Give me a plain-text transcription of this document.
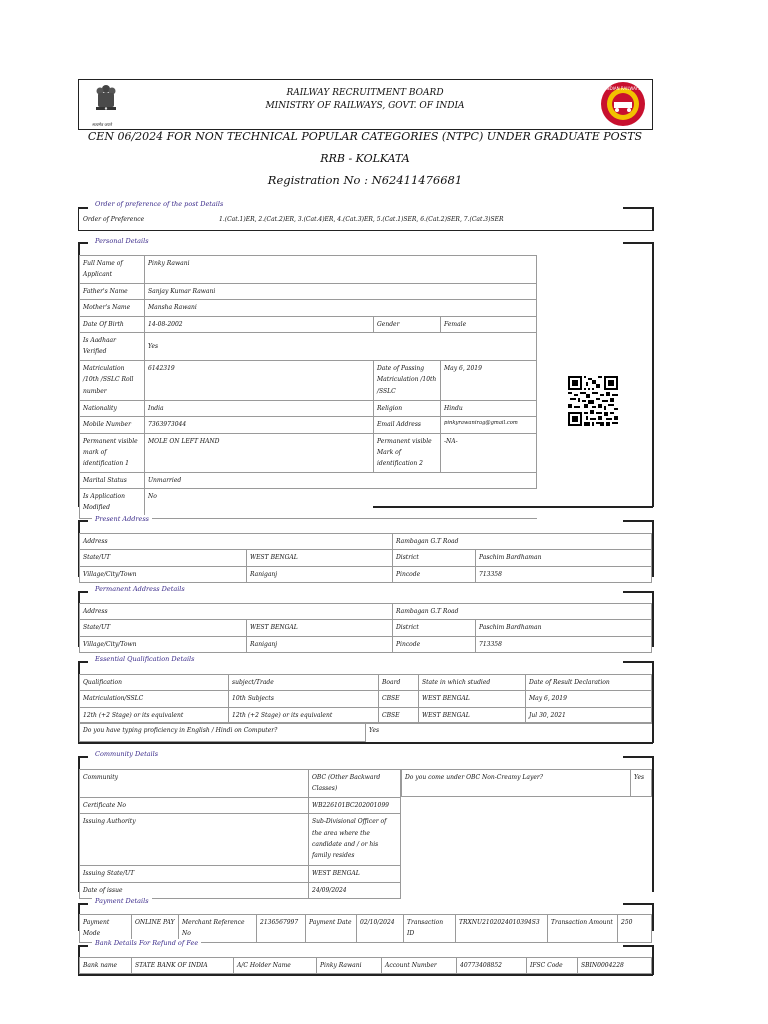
सत्यमेव जयते
RAILWAY RECRUITMENT BOARD
MINISTRY OF RAILWAYS, GOVT. OF INDIA
INDIAN RAILWAYS
CEN 06/2024 FOR NON TECHNICAL POPULAR CATEGORIES (NTPC) UNDER GRADUATE POSTS
RRB - KOLKATA
Registration No : N62411476681
Order of preference of the post Details
Order of Preference	1.(Cat.1)ER, 2.(Cat.2)ER, 3.(Cat.4)ER, 4.(Cat.3)ER, 5.(Cat.1)SER, 6.(Cat.2)SER, 7.(Cat.3)SER
Personal Details
Full Name of Applicant	Pinky Rawani		
Father's Name	Sanjay Kumar Rawani		
Mother's Name	Mansha Rawani		
Date Of Birth	14-08-2002	Gender	Female
Is Aadhaar Verified	Yes		
Matriculation /10th /SSLC Roll number	6142319	Date of Passing Matriculation /10th /SSLC	May 6, 2019
Nationality	India	Religion	Hindu
Mobile Number	7363973044	Email Address	pinkyrawanirag@gmail.com
Permanent visible mark of identification 1	MOLE ON LEFT HAND	Permanent visible Mark of identification 2	-NA-
Marital Status	Unmarried		
Is Application Modified	No		
Present Address
Address		Rambagan G.T Road	
State/UT	WEST BENGAL	District	Paschim Bardhaman
Village/City/Town	Raniganj	Pincode	713358
Permanent Address Details
Address		Rambagan G.T Road	
State/UT	WEST BENGAL	District	Paschim Bardhaman
Village/City/Town	Raniganj	Pincode	713358
Essential Qualification Details
Qualification	subject/Trade	Board	State in which studied	Date of Result Declaration
Matriculation/SSLC	10th Subjects	CBSE	WEST BENGAL	May 6, 2019
12th (+2 Stage) or its equivalent	12th (+2 Stage) or its equivalent	CBSE	WEST BENGAL	Jul 30, 2021
Do you have typing proficiency in English / Hindi on Computer?	Yes
Community Details
Community	OBC (Other Backward Classes)
Certificate No	WB226101BC202001099
Issuing Authority	Sub-Divisional Officer of the area where the candidate and / or his family resides
Issuing State/UT	WEST BENGAL
Date of issue	24/09/2024
Do you come under OBC Non-Creamy Layer?	Yes
Payment Details
Payment Mode	ONLINE PAY	Merchant Reference No	2136567997	Payment Date	02/10/2024	Transaction ID	TRXNU2102024010394S3	Transaction Amount	250
Bank Details For Refund of Fee
Bank name	STATE BANK OF INDIA	A/C Holder Name	Pinky Rawani	Account Number	40773408852	IFSC Code	SBIN0004228
